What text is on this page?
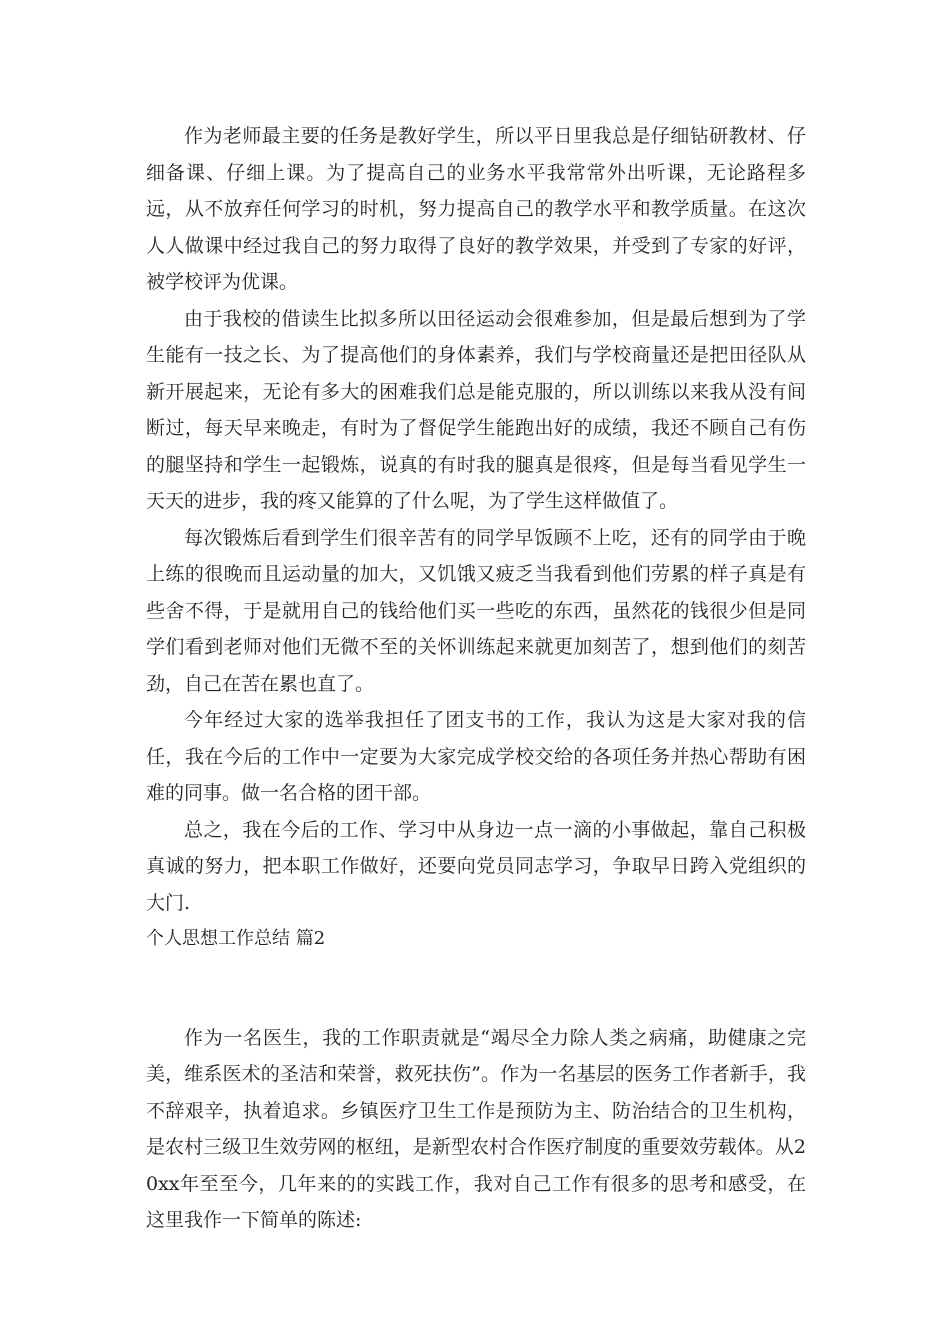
作为老师最主要的任务是教好学生，所以平日里我总是仔细钻研教材、仔细备课、仔细上课。为了提高自己的业务水平我常常外出听课，无论路程多远，从不放弃任何学习的时机，努力提高自己的教学水平和教学质量。在这次人人做课中经过我自己的努力取得了良好的教学效果，并受到了专家的好评，被学校评为优课。

由于我校的借读生比拟多所以田径运动会很难参加，但是最后想到为了学生能有一技之长、为了提高他们的身体素养，我们与学校商量还是把田径队从新开展起来，无论有多大的困难我们总是能克服的，所以训练以来我从没有间断过，每天早来晚走，有时为了督促学生能跑出好的成绩，我还不顾自己有伤的腿坚持和学生一起锻炼，说真的有时我的腿真是很疼，但是每当看见学生一天天的进步，我的疼又能算的了什么呢，为了学生这样做值了。

每次锻炼后看到学生们很辛苦有的同学早饭顾不上吃，还有的同学由于晚上练的很晚而且运动量的加大，又饥饿又疲乏当我看到他们劳累的样子真是有些舍不得，于是就用自己的钱给他们买一些吃的东西，虽然花的钱很少但是同学们看到老师对他们无微不至的关怀训练起来就更加刻苦了，想到他们的刻苦劲，自己在苦在累也直了。

今年经过大家的选举我担任了团支书的工作，我认为这是大家对我的信任，我在今后的工作中一定要为大家完成学校交给的各项任务并热心帮助有困难的同事。做一名合格的团干部。

总之，我在今后的工作、学习中从身边一点一滴的小事做起，靠自己积极真诚的努力，把本职工作做好，还要向党员同志学习，争取早日跨入党组织的大门.

个人思想工作总结 篇2

作为一名医生，我的工作职责就是“竭尽全力除人类之病痛，助健康之完美，维系医术的圣洁和荣誉，救死扶伤”。作为一名基层的医务工作者新手，我不辞艰辛，执着追求。乡镇医疗卫生工作是预防为主、防治结合的卫生机构，是农村三级卫生效劳网的枢纽，是新型农村合作医疗制度的重要效劳载体。从20xx年至至今，几年来的的实践工作，我对自己工作有很多的思考和感受，在这里我作一下简单的陈述:
